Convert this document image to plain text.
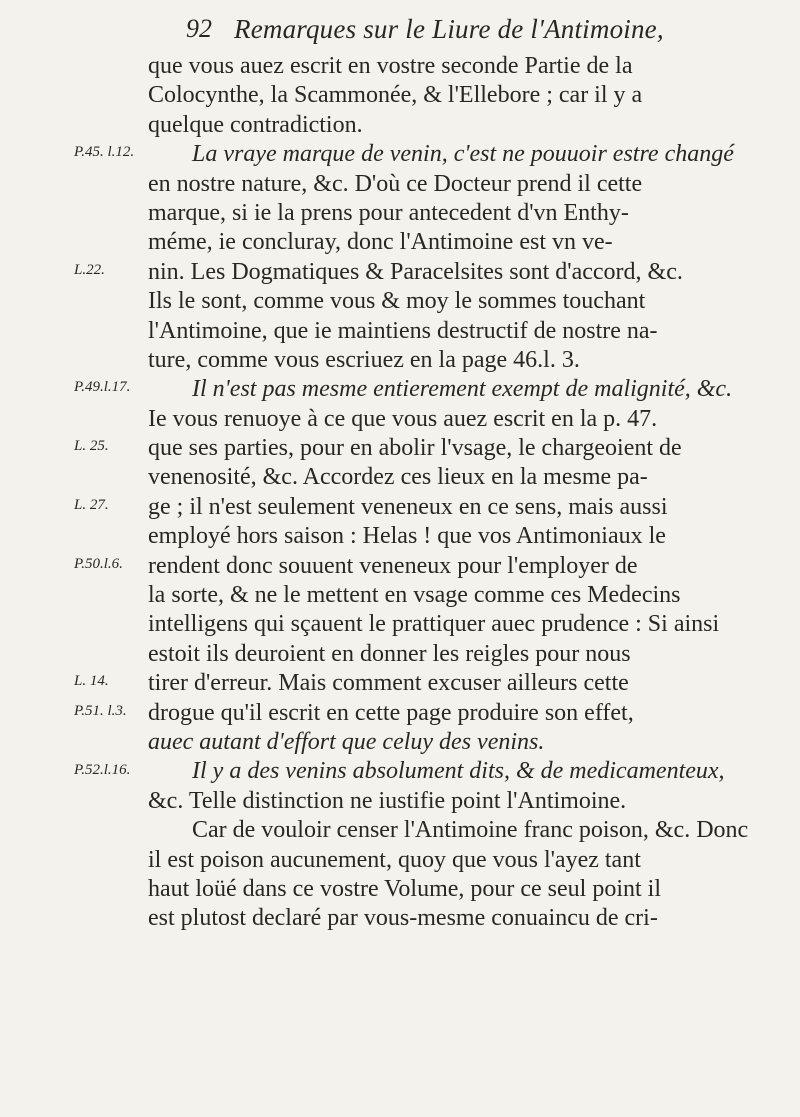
92 Remarques sur le Liure de l'Antimoine,
P.45. l.12.
L.22.
P.49.l.17.
L. 25.
L. 27.
P.50.l.6.
L. 14.
P.51. l.3.
P.52.l.16.
que vous auez escrit en vostre seconde Partie de la
Colocynthe, la Scammonée, & l'Ellebore ; car il y a
quelque contradiction.
La vraye marque de venin, c'est ne pouuoir estre changé
en nostre nature, &c. D'où ce Docteur prend il cette
marque, si ie la prens pour antecedent d'vn Enthy-
méme, ie concluray, donc l'Antimoine est vn ve-
nin. Les Dogmatiques & Paracelsites sont d'accord, &c.
Ils le sont, comme vous & moy le sommes touchant
l'Antimoine, que ie maintiens destructif de nostre na-
ture, comme vous escriuez en la page 46.l. 3.
Il n'est pas mesme entierement exempt de malignité, &c.
Ie vous renuoye à ce que vous auez escrit en la p. 47.
que ses parties, pour en abolir l'vsage, le chargeoient de
venenosité, &c. Accordez ces lieux en la mesme pa-
ge ; il n'est seulement veneneux en ce sens, mais aussi
employé hors saison : Helas ! que vos Antimoniaux le
rendent donc souuent veneneux pour l'employer de
la sorte, & ne le mettent en vsage comme ces Medecins
intelligens qui sçauent le prattiquer auec prudence : Si ainsi
estoit ils deuroient en donner les reigles pour nous
tirer d'erreur. Mais comment excuser ailleurs cette
drogue qu'il escrit en cette page produire son effet,
auec autant d'effort que celuy des venins.
Il y a des venins absolument dits, & de medicamenteux,
&c. Telle distinction ne iustifie point l'Antimoine.
Car de vouloir censer l'Antimoine franc poison, &c. Donc
il est poison aucunement, quoy que vous l'ayez tant
haut loüé dans ce vostre Volume, pour ce seul point il
est plutost declaré par vous-mesme conuaincu de cri-
